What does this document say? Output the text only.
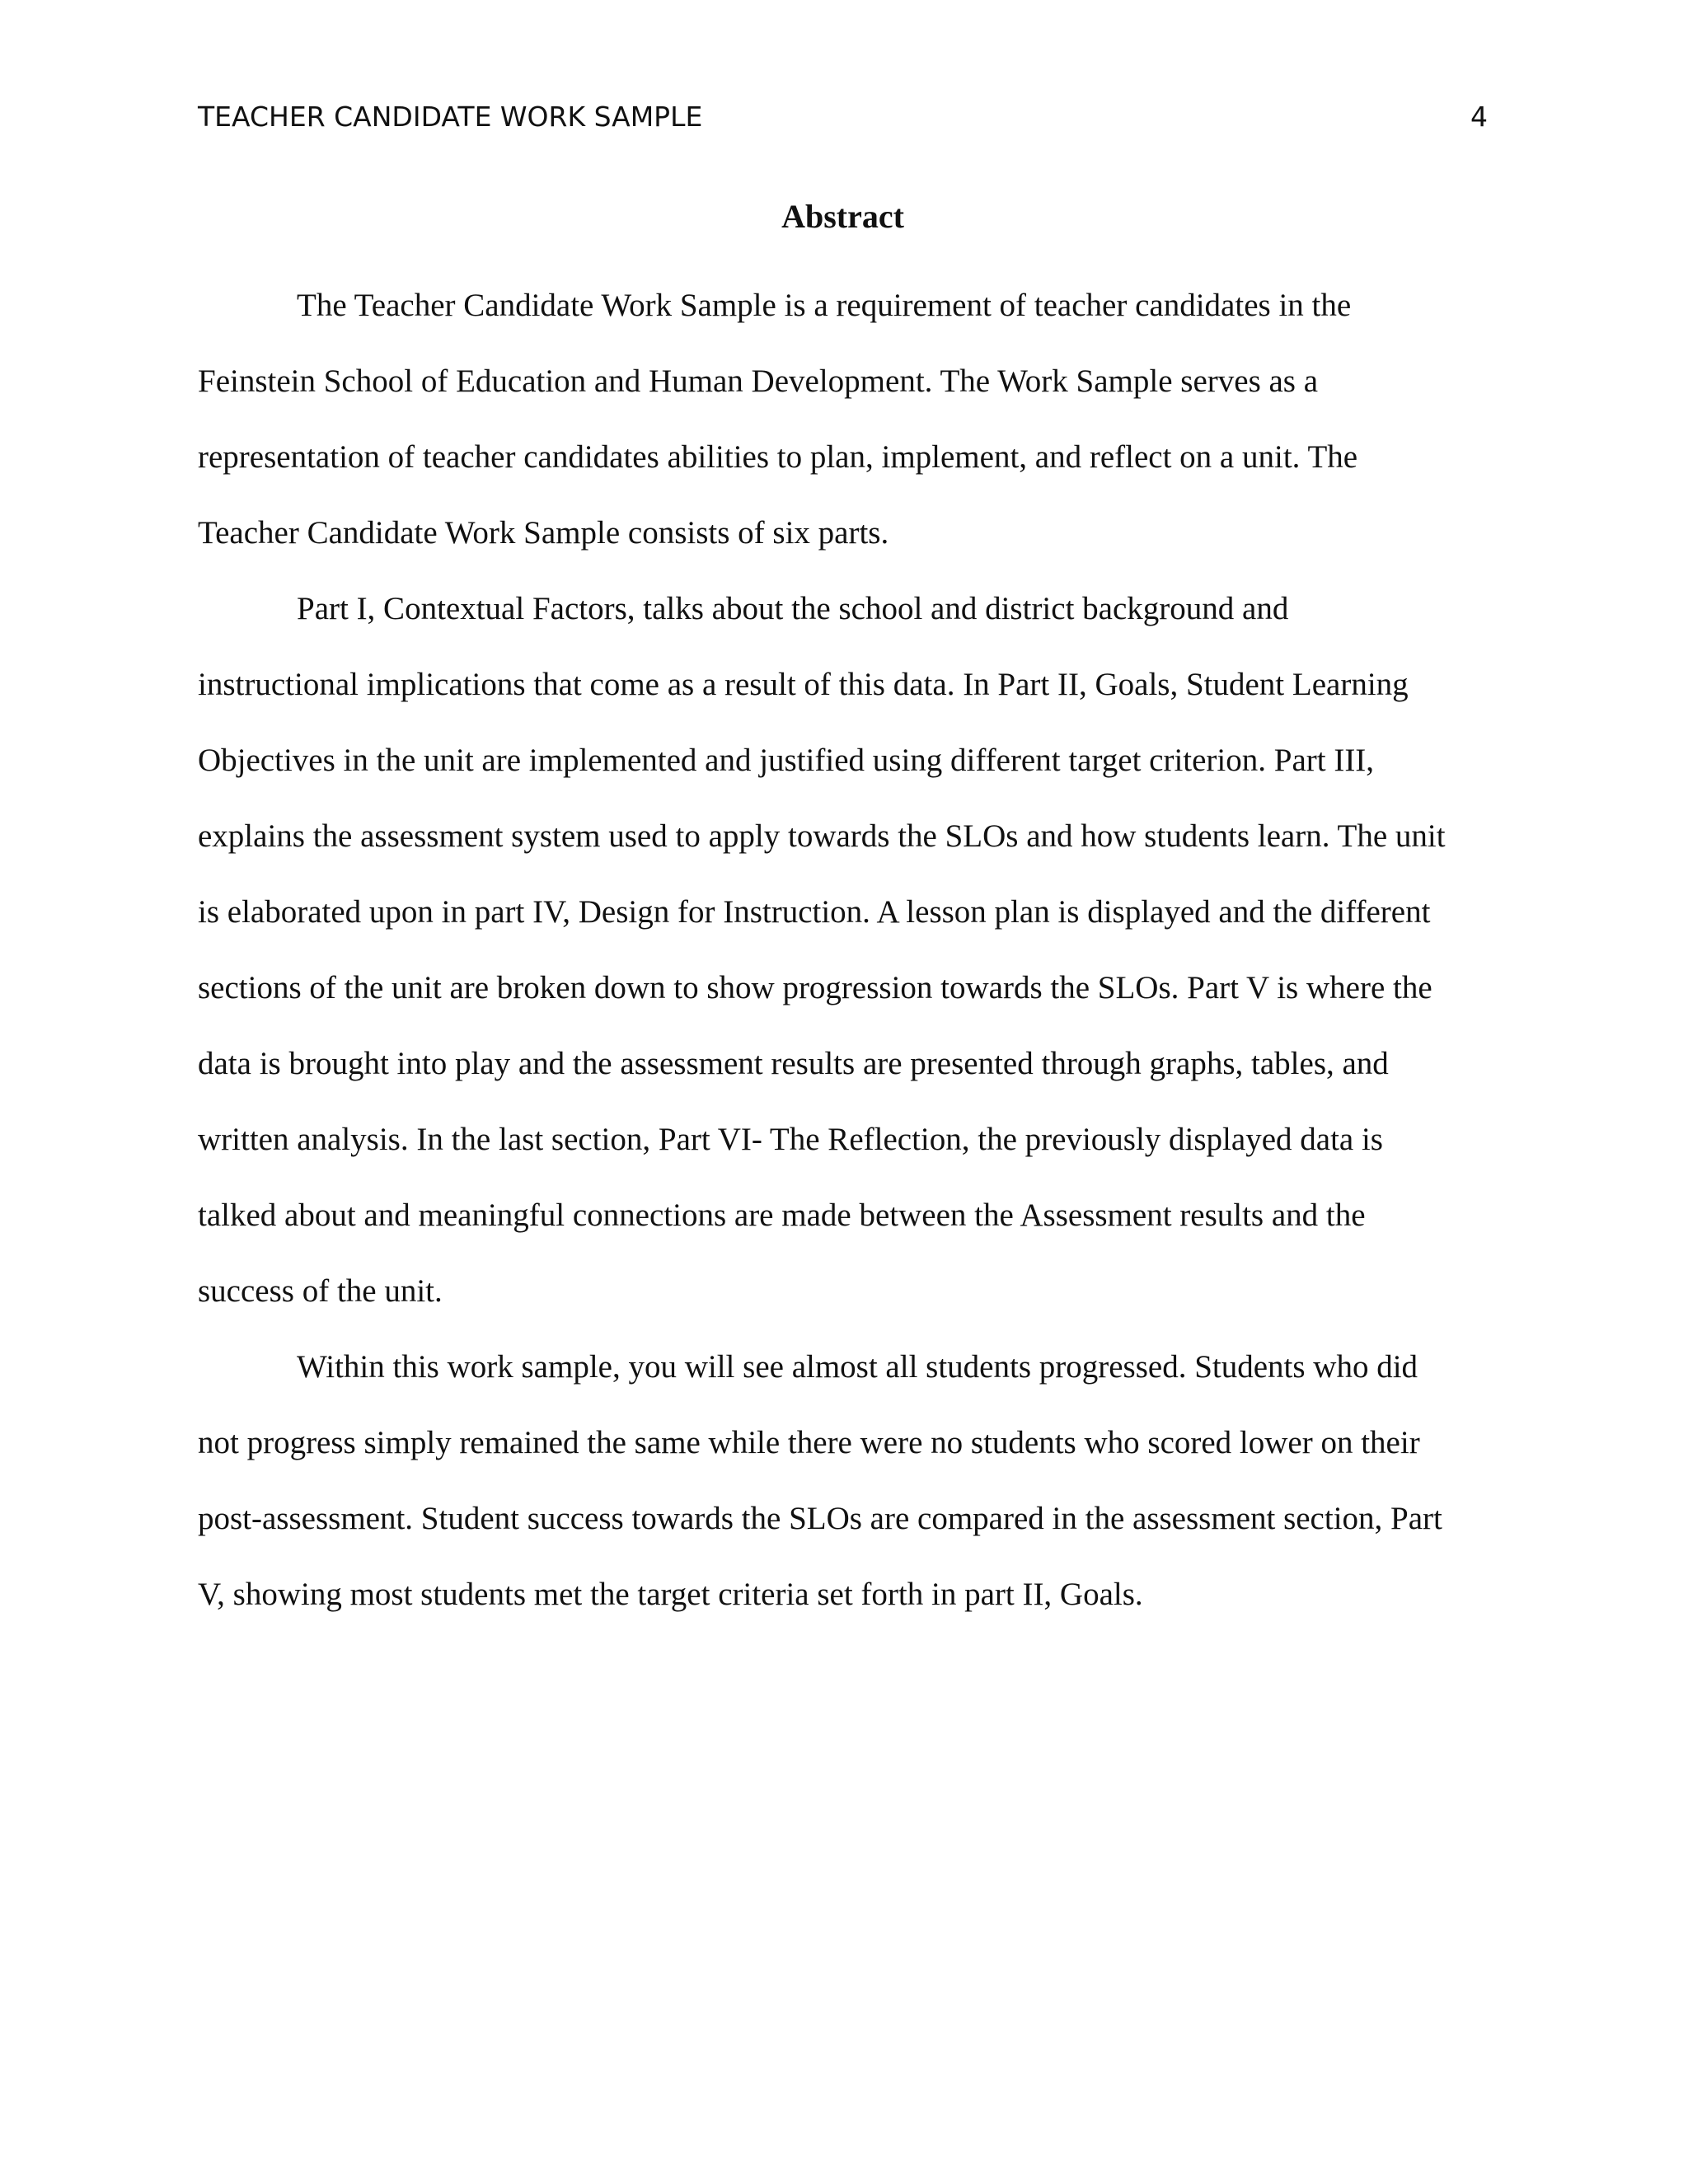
TEACHER CANDIDATE WORK SAMPLE	4
Abstract
The Teacher Candidate Work Sample is a requirement of teacher candidates in the
Feinstein School of Education and Human Development. The Work Sample serves as a
representation of teacher candidates abilities to plan, implement, and reflect on a unit. The
Teacher Candidate Work Sample consists of six parts.
Part I, Contextual Factors, talks about the school and district background and
instructional implications that come as a result of this data. In Part II, Goals, Student Learning
Objectives in the unit are implemented and justified using different target criterion. Part III,
explains the assessment system used to apply towards the SLOs and how students learn. The unit
is elaborated upon in part IV, Design for Instruction. A lesson plan is displayed and the different
sections of the unit are broken down to show progression towards the SLOs. Part V is where the
data is brought into play and the assessment results are presented through graphs, tables, and
written analysis. In the last section, Part VI- The Reflection, the previously displayed data is
talked about and meaningful connections are made between the Assessment results and the
success of the unit.
Within this work sample, you will see almost all students progressed. Students who did
not progress simply remained the same while there were no students who scored lower on their
post-assessment. Student success towards the SLOs are compared in the assessment section, Part
V, showing most students met the target criteria set forth in part II, Goals.
